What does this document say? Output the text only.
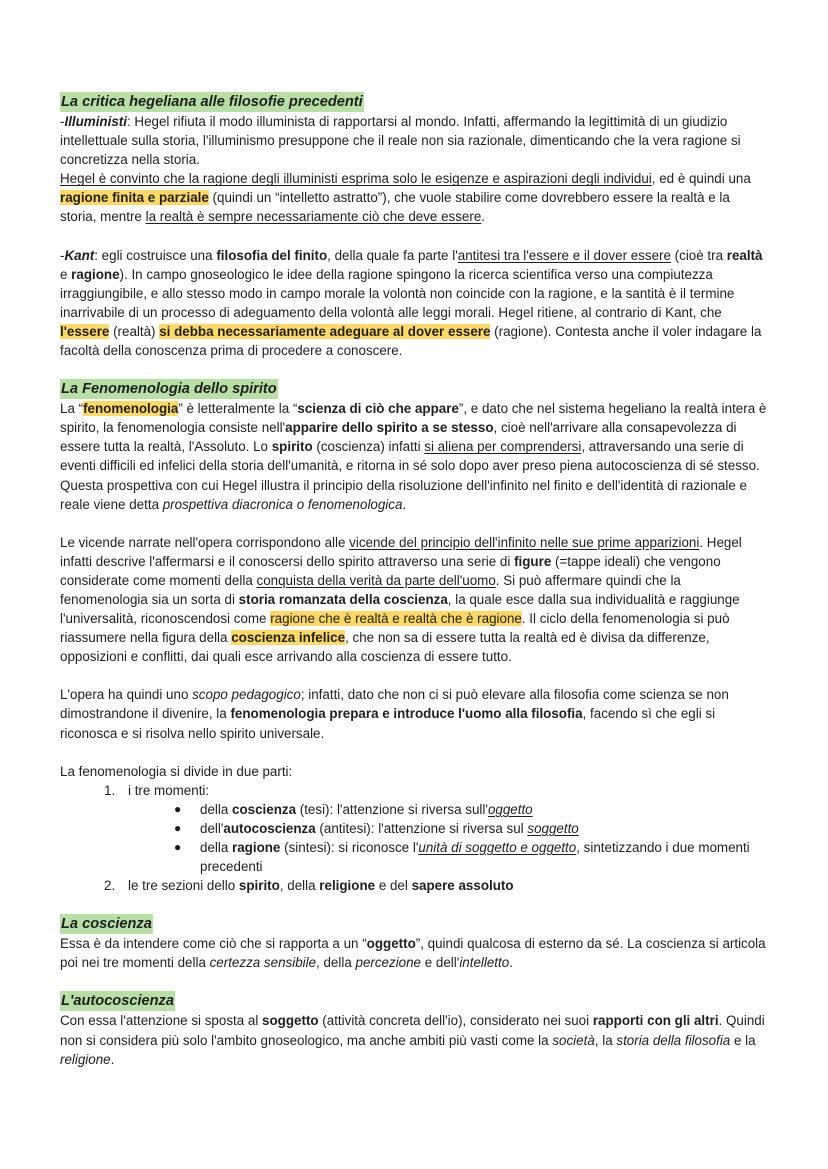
La critica hegeliana alle filosofie precedenti

-Illuministi: Hegel rifiuta il modo illuminista di rapportarsi al mondo. Infatti, affermando la legittimità di un giudizio intellettuale sulla storia, l'illuminismo presuppone che il reale non sia razionale, dimenticando che la vera ragione si concretizza nella storia.

Hegel è convinto che la ragione degli illuministi esprima solo le esigenze e aspirazioni degli individui, ed è quindi una ragione finita e parziale (quindi un “intelletto astratto”), che vuole stabilire come dovrebbero essere la realtà e la storia, mentre la realtà è sempre necessariamente ciò che deve essere.

-Kant: egli costruisce una filosofia del finito, della quale fa parte l'antitesi tra l'essere e il dover essere (cioè tra realtà e ragione). In campo gnoseologico le idee della ragione spingono la ricerca scientifica verso una compiutezza irraggiungibile, e allo stesso modo in campo morale la volontà non coincide con la ragione, e la santità è il termine inarrivabile di un processo di adeguamento della volontà alle leggi morali. Hegel ritiene, al contrario di Kant, che l'essere (realtà) si debba necessariamente adeguare al dover essere (ragione). Contesta anche il voler indagare la facoltà della conoscenza prima di procedere a conoscere.

La Fenomenologia dello spirito

La “fenomenologia” è letteralmente la “scienza di ciò che appare”, e dato che nel sistema hegeliano la realtà intera è spirito, la fenomenologia consiste nell'apparire dello spirito a se stesso, cioè nell'arrivare alla consapevolezza di essere tutta la realtà, l'Assoluto. Lo spirito (coscienza) infatti si aliena per comprendersi, attraversando una serie di eventi difficili ed infelici della storia dell'umanità, e ritorna in sé solo dopo aver preso piena autocoscienza di sé stesso. Questa prospettiva con cui Hegel illustra il principio della risoluzione dell'infinito nel finito e dell'identità di razionale e reale viene detta prospettiva diacronica o fenomenologica.

Le vicende narrate nell'opera corrispondono alle vicende del principio dell'infinito nelle sue prime apparizioni. Hegel infatti descrive l'affermarsi e il conoscersi dello spirito attraverso una serie di figure (=tappe ideali) che vengono considerate come momenti della conquista della verità da parte dell'uomo. Si può affermare quindi che la fenomenologia sia un sorta di storia romanzata della coscienza, la quale esce dalla sua individualità e raggiunge l'universalità, riconoscendosi come ragione che è realtà e realtà che è ragione. Il ciclo della fenomenologia si può riassumere nella figura della coscienza infelice, che non sa di essere tutta la realtà ed è divisa da differenze, opposizioni e conflitti, dai quali esce arrivando alla coscienza di essere tutto.

L'opera ha quindi uno scopo pedagogico; infatti, dato che non ci si può elevare alla filosofia come scienza se non dimostrandone il divenire, la fenomenologia prepara e introduce l'uomo alla filosofia, facendo sì che egli si riconosca e si risolva nello spirito universale.

La fenomenologia si divide in due parti:

1. i tre momenti:
● della coscienza (tesi): l'attenzione si riversa sull'oggetto
● dell'autocoscienza (antitesi): l'attenzione si riversa sul soggetto
● della ragione (sintesi): si riconosce l'unità di soggetto e oggetto, sintetizzando i due momenti precedenti
2. le tre sezioni dello spirito, della religione e del sapere assoluto
La coscienza

Essa è da intendere come ciò che si rapporta a un “oggetto”, quindi qualcosa di esterno da sé. La coscienza si articola poi nei tre momenti della certezza sensibile, della percezione e dell'intelletto.

L'autocoscienza

Con essa l'attenzione si sposta al soggetto (attività concreta dell'io), considerato nei suoi rapporti con gli altri. Quindi non si considera più solo l'ambito gnoseologico, ma anche ambiti più vasti come la società, la storia della filosofia e la religione.
